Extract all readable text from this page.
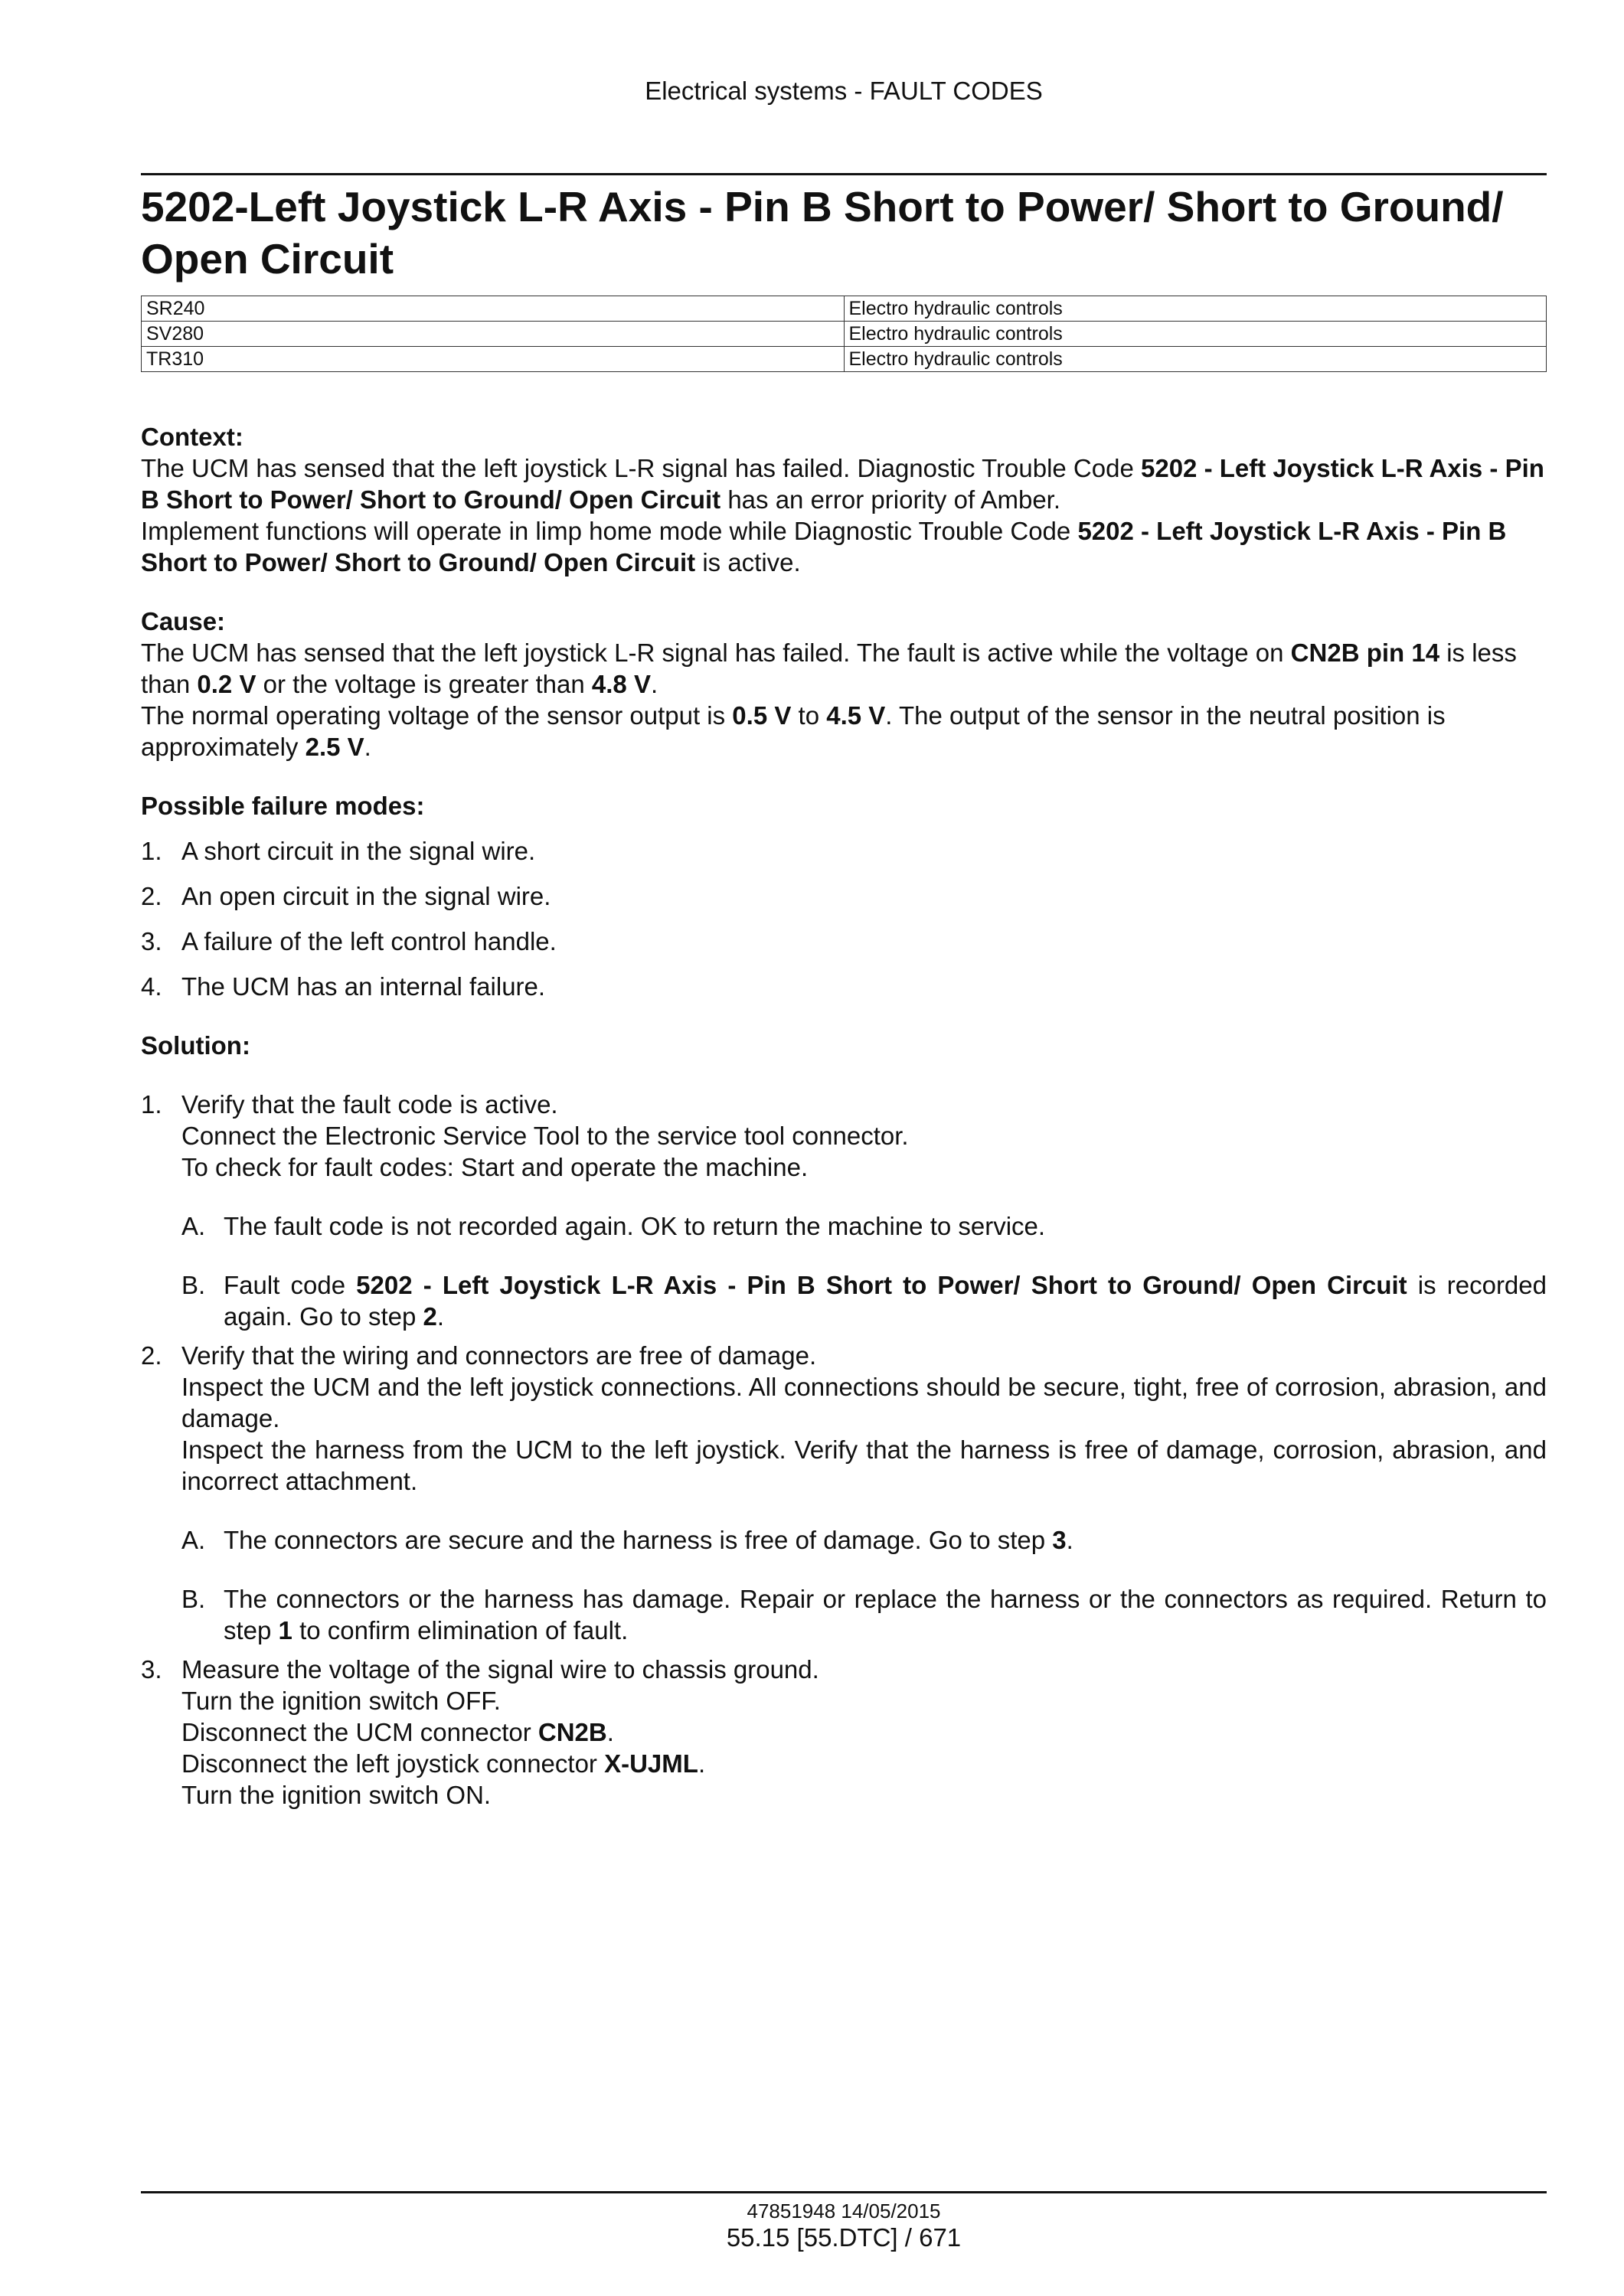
Electrical systems - FAULT CODES
5202-Left Joystick L-R Axis - Pin B Short to Power/ Short to Ground/ Open Circuit
SR240	Electro hydraulic controls
SV280	Electro hydraulic controls
TR310	Electro hydraulic controls

Context:

The UCM has sensed that the left joystick L-R signal has failed. Diagnostic Trouble Code 5202 - Left Joystick L-R Axis - Pin B Short to Power/ Short to Ground/ Open Circuit has an error priority of Amber.

Implement functions will operate in limp home mode while Diagnostic Trouble Code 5202 - Left Joystick L-R Axis - Pin B Short to Power/ Short to Ground/ Open Circuit is active.

Cause:

The UCM has sensed that the left joystick L-R signal has failed. The fault is active while the voltage on CN2B pin 14 is less than 0.2 V or the voltage is greater than 4.8 V.

The normal operating voltage of the sensor output is 0.5 V to 4.5 V. The output of the sensor in the neutral position is approximately 2.5 V.

Possible failure modes:

1. A short circuit in the signal wire.
2. An open circuit in the signal wire.
3. A failure of the left control handle.
4. The UCM has an internal failure.

Solution:

1. Verify that the fault code is active.

Connect the Electronic Service Tool to the service tool connector.

To check for fault codes: Start and operate the machine.

A. The fault code is not recorded again. OK to return the machine to service.
B. Fault code 5202 - Left Joystick L-R Axis - Pin B Short to Power/ Short to Ground/ Open Circuit is recorded again. Go to step 2.
2. Verify that the wiring and connectors are free of damage.

Inspect the UCM and the left joystick connections. All connections should be secure, tight, free of corrosion, abrasion, and damage.

Inspect the harness from the UCM to the left joystick. Verify that the harness is free of damage, corrosion, abrasion, and incorrect attachment.

A. The connectors are secure and the harness is free of damage. Go to step 3.
B. The connectors or the harness has damage. Repair or replace the harness or the connectors as required. Return to step 1 to confirm elimination of fault.
3. Measure the voltage of the signal wire to chassis ground.

Turn the ignition switch OFF.

Disconnect the UCM connector CN2B.

Disconnect the left joystick connector X-UJML.

Turn the ignition switch ON.

47851948 14/05/2015
55.15 [55.DTC] / 671
